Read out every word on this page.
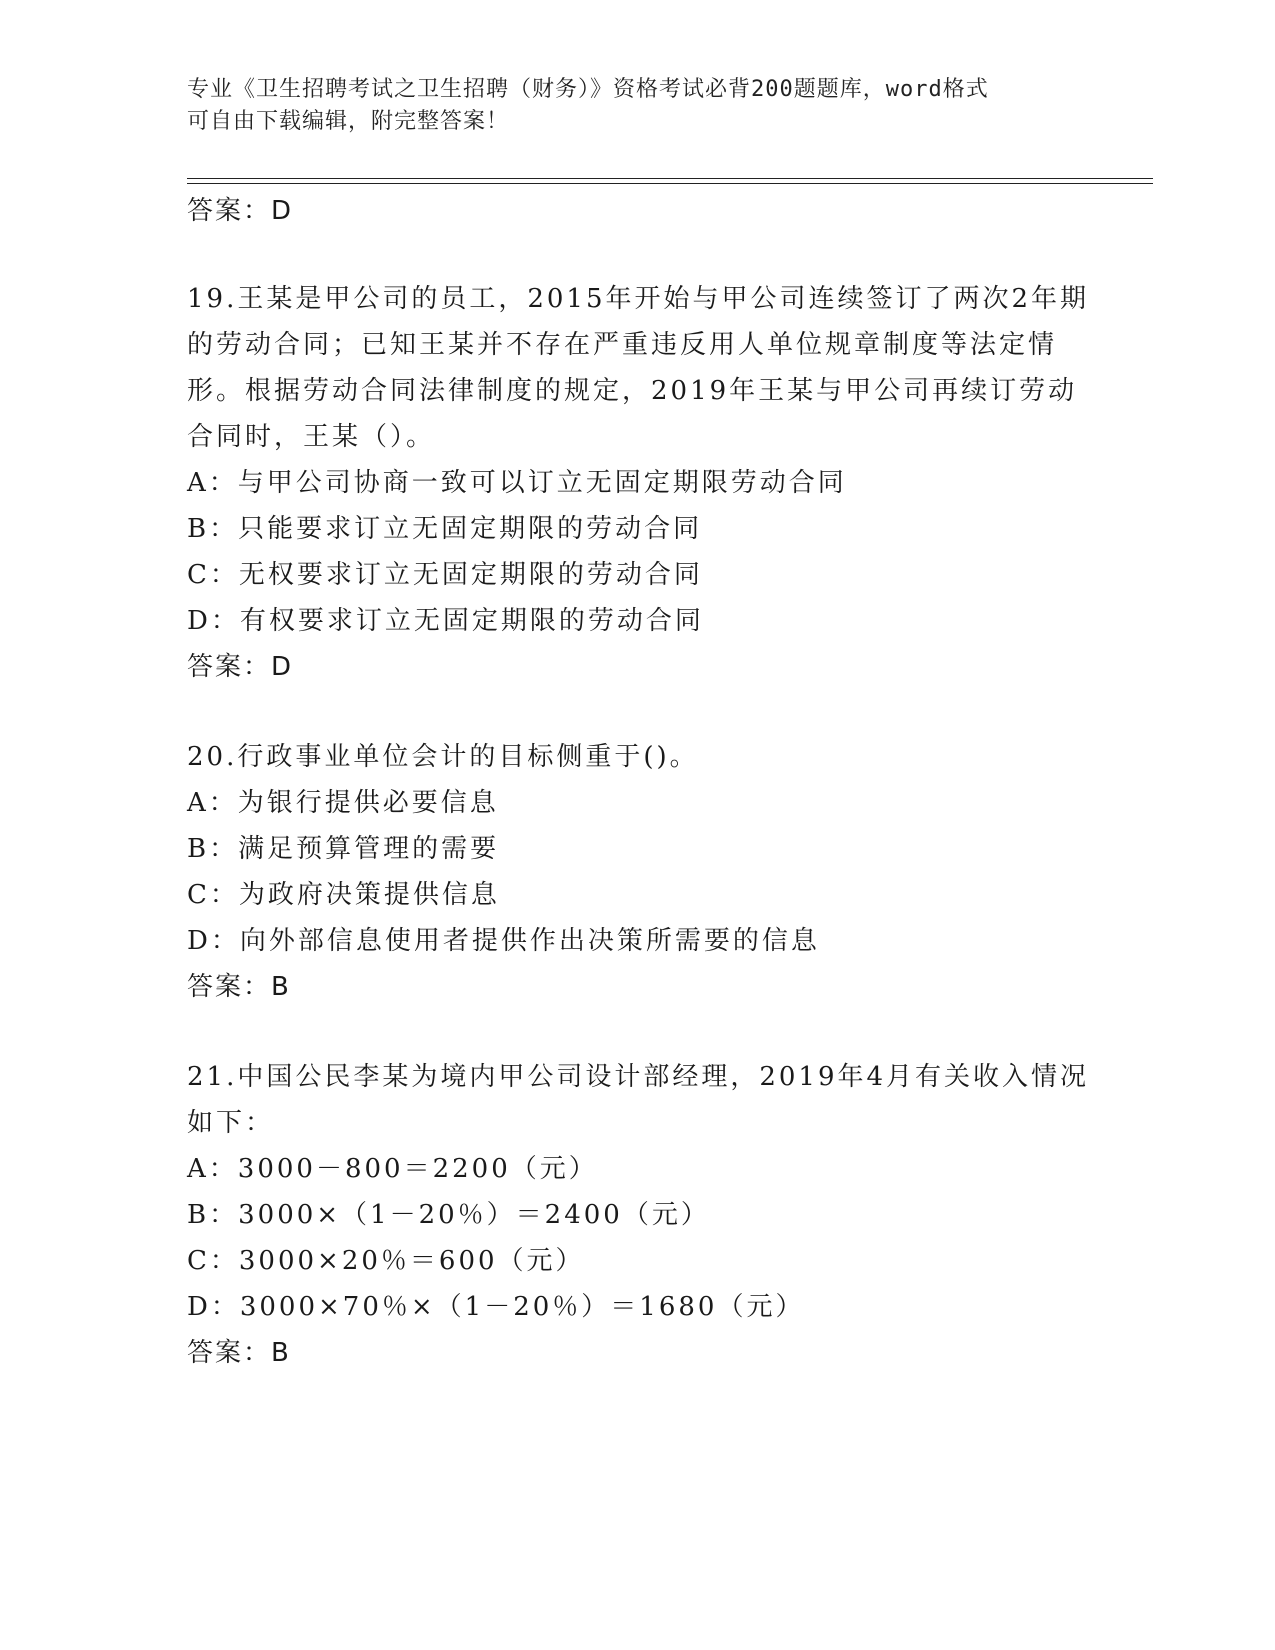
专业《卫生招聘考试之卫生招聘（财务）》资格考试必背200题题库，word格式
可自由下载编辑，附完整答案！
答案：D
19.王某是甲公司的员工，2015年开始与甲公司连续签订了两次2年期
的劳动合同；已知王某并不存在严重违反用人单位规章制度等法定情
形。根据劳动合同法律制度的规定，2019年王某与甲公司再续订劳动
合同时，王某（）。
A：与甲公司协商一致可以订立无固定期限劳动合同
B：只能要求订立无固定期限的劳动合同
C：无权要求订立无固定期限的劳动合同
D：有权要求订立无固定期限的劳动合同
答案：D
20.行政事业单位会计的目标侧重于()。
A：为银行提供必要信息
B：满足预算管理的需要
C：为政府决策提供信息
D：向外部信息使用者提供作出决策所需要的信息
答案：B
21.中国公民李某为境内甲公司设计部经理，2019年4月有关收入情况
如下：
A：3000－800＝2200（元）
B：3000×（1－20％）＝2400（元）
C：3000×20％＝600（元）
D：3000×70％×（1－20％）＝1680（元）
答案：B
